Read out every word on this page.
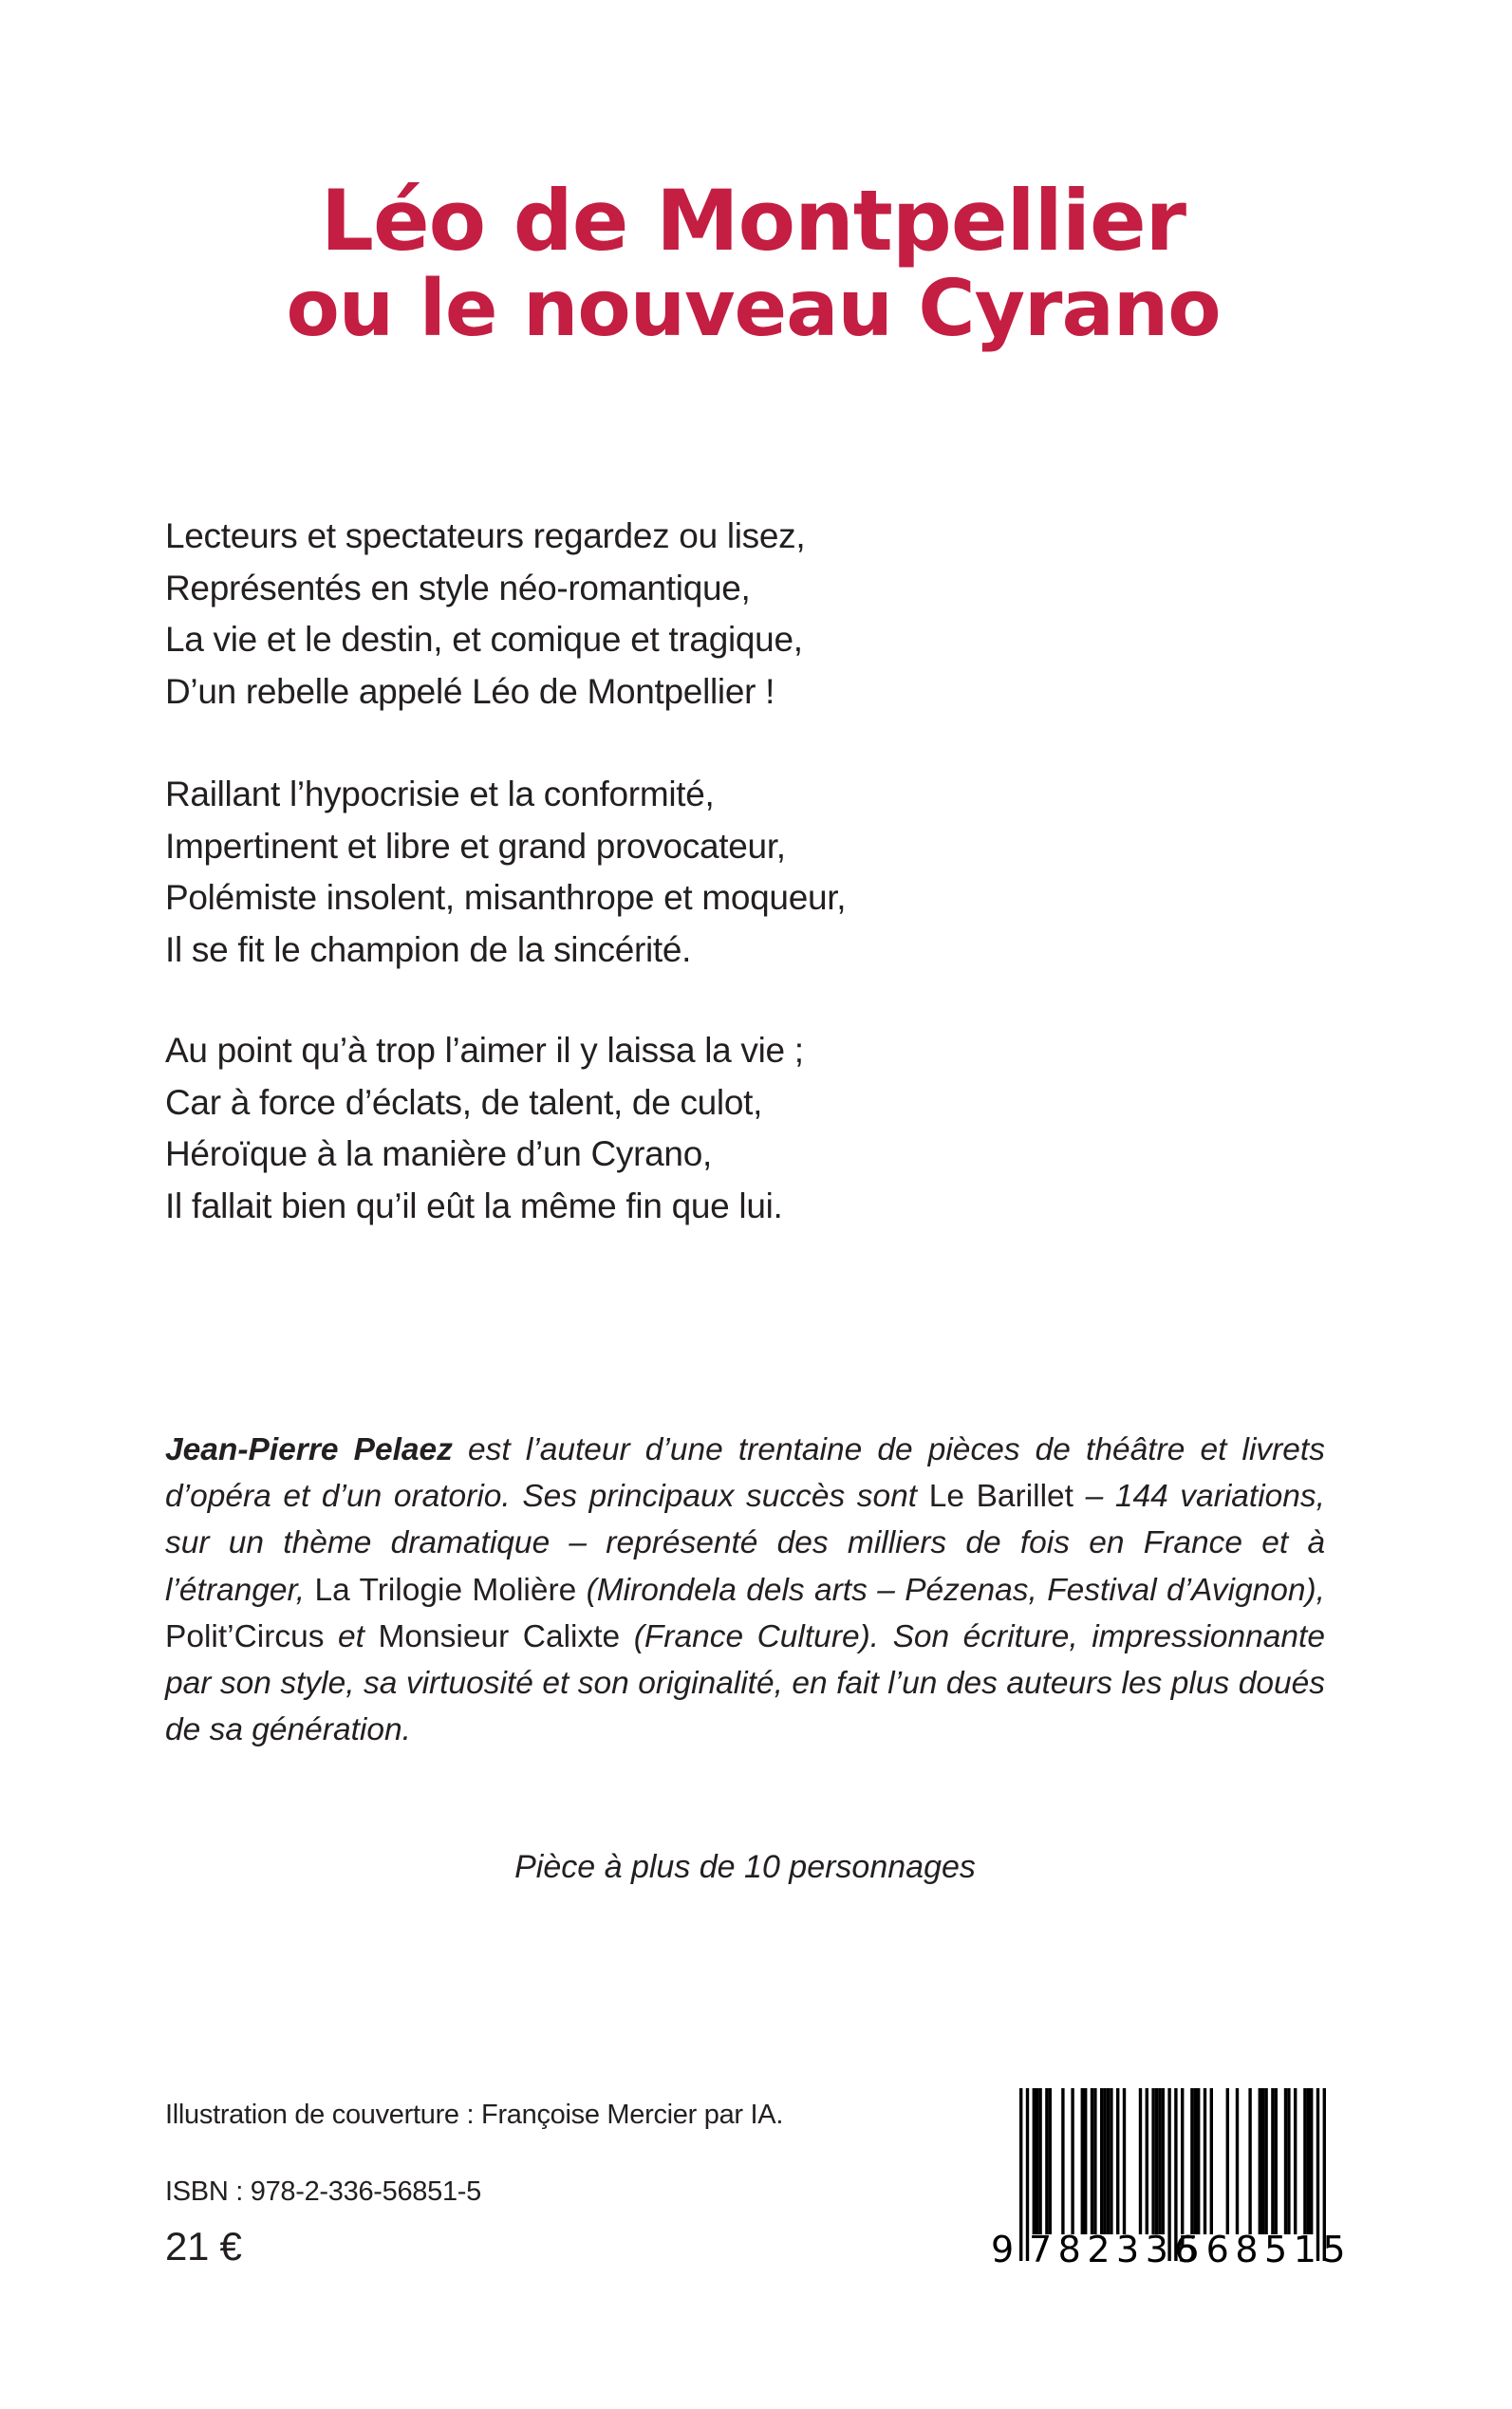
Léo de Montpellier
ou le nouveau Cyrano
Lecteurs et spectateurs regardez ou lisez,
Représentés en style néo-romantique,
La vie et le destin, et comique et tragique,
D’un rebelle appelé Léo de Montpellier !
Raillant l’hypocrisie et la conformité,
Impertinent et libre et grand provocateur,
Polémiste insolent, misanthrope et moqueur,
Il se fit le champion de la sincérité.
Au point qu’à trop l’aimer il y laissa la vie ;
Car à force d’éclats, de talent, de culot,
Héroïque à la manière d’un Cyrano,
Il fallait bien qu’il eût la même fin que lui.
Jean-Pierre Pelaez est l’auteur d’une trentaine de pièces de théâtre et livrets
d’opéra et d’un oratorio. Ses principaux succès sont Le Barillet – 144 variations,
sur un thème dramatique – représenté des milliers de fois en France et à
l’étranger, La Trilogie Molière (Mirondela dels arts – Pézenas, Festival d’Avignon),
Polit’Circus et Monsieur Calixte (France Culture). Son écriture, impressionnante
par son style, sa virtuosité et son originalité, en fait l’un des auteurs les plus doués
de sa génération.
Pièce à plus de 10 personnages
Illustration de couverture : Françoise Mercier par IA.
ISBN : 978-2-336-56851-5
21 €	9 782336
568515
